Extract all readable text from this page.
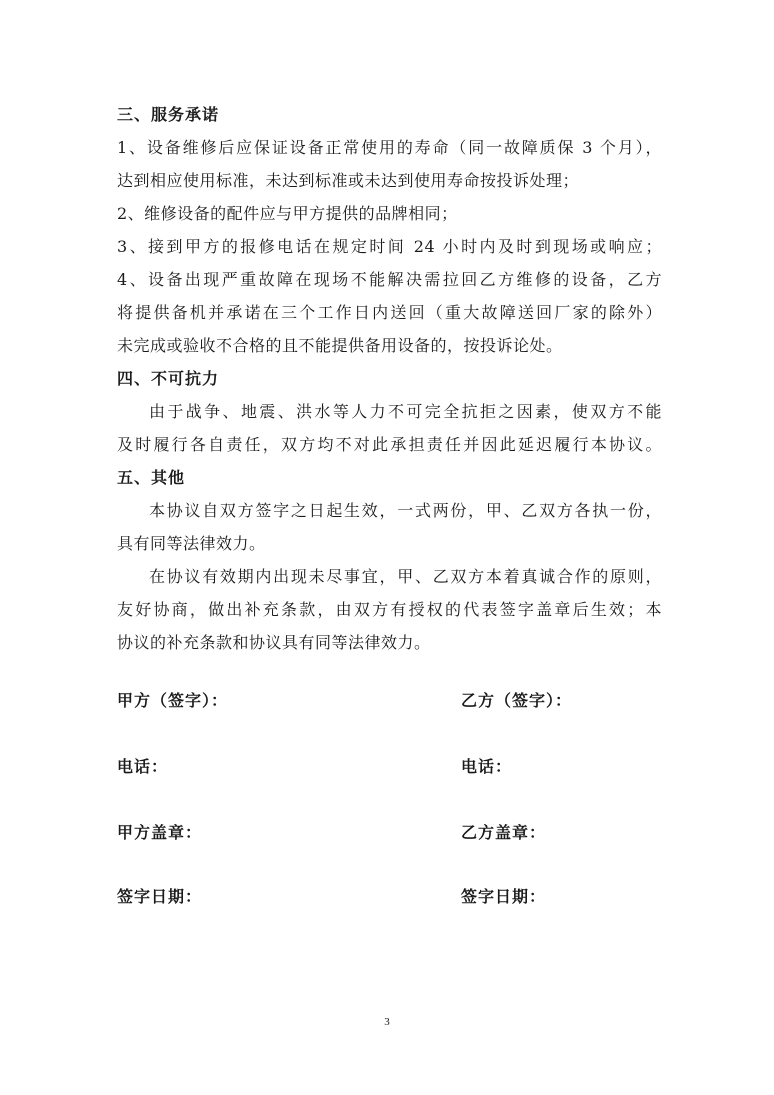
三、服务承诺
1、设备维修后应保证设备正常使用的寿命（同一故障质保 3 个月），
达到相应使用标准，未达到标准或未达到使用寿命按投诉处理；
2、维修设备的配件应与甲方提供的品牌相同；
3、接到甲方的报修电话在规定时间 24 小时内及时到现场或响应；
4、设备出现严重故障在现场不能解决需拉回乙方维修的设备，乙方
将提供备机并承诺在三个工作日内送回（重大故障送回厂家的除外）
未完成或验收不合格的且不能提供备用设备的，按投诉论处。
四、不可抗力
由于战争、地震、洪水等人力不可完全抗拒之因素，使双方不能
及时履行各自责任，双方均不对此承担责任并因此延迟履行本协议。
五、其他
本协议自双方签字之日起生效，一式两份，甲、乙双方各执一份，
具有同等法律效力。
在协议有效期内出现未尽事宜，甲、乙双方本着真诚合作的原则，
友好协商，做出补充条款，由双方有授权的代表签字盖章后生效；本
协议的补充条款和协议具有同等法律效力。
甲方（签字）：	乙方（签字）：
电话：	电话：
甲方盖章：	乙方盖章：
签字日期：	签字日期：
3
